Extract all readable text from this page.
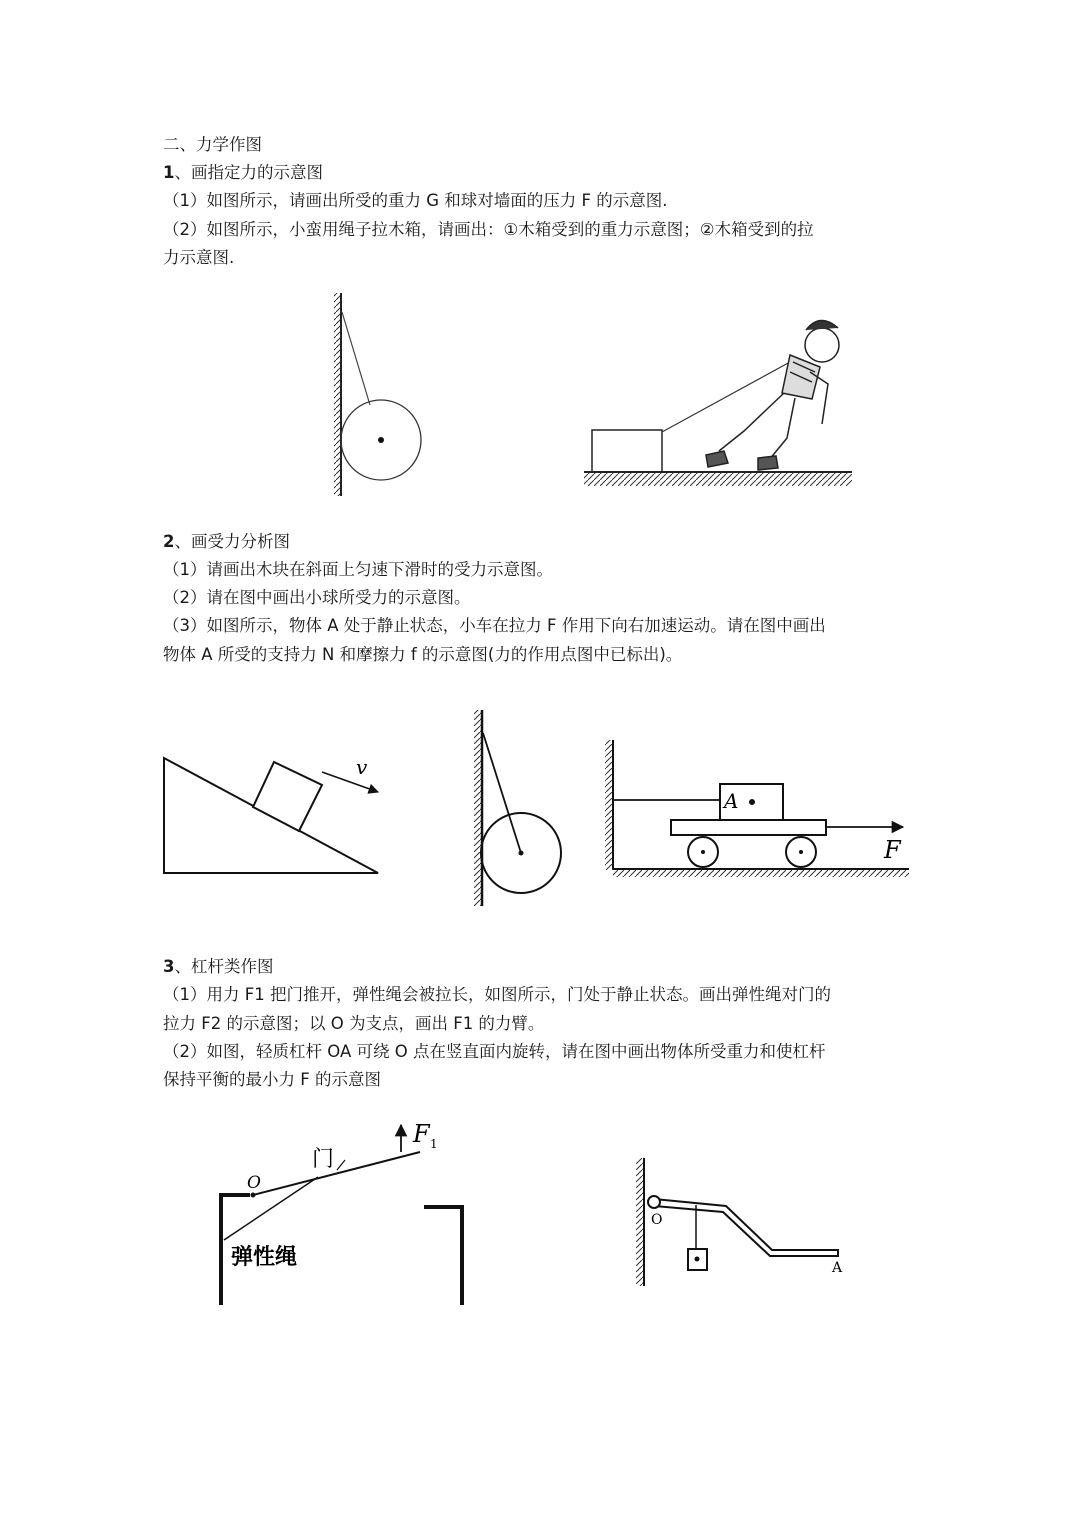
二、力学作图
1、画指定力的示意图
（1）如图所示，请画出所受的重力 G 和球对墙面的压力 F 的示意图.
（2）如图所示，小蛮用绳子拉木箱，请画出：①木箱受到的重力示意图；②木箱受到的拉
力示意图.
2、画受力分析图
（1）请画出木块在斜面上匀速下滑时的受力示意图。
（2）请在图中画出小球所受力的示意图。
（3）如图所示，物体 A 处于静止状态，小车在拉力 F 作用下向右加速运动。请在图中画出
物体 A 所受的支持力 N 和摩擦力 f 的示意图(力的作用点图中已标出)。
3、杠杆类作图
（1）用力 F1 把门推开，弹性绳会被拉长，如图所示，门处于静止状态。画出弹性绳对门的
拉力 F2 的示意图；以 O 为支点，画出 F1 的力臂。
（2）如图，轻质杠杆 OA 可绕 O 点在竖直面内旋转，请在图中画出物体所受重力和使杠杆
保持平衡的最小力 F 的示意图
v
A
F
O
门
F 1
弹性绳
O
A
